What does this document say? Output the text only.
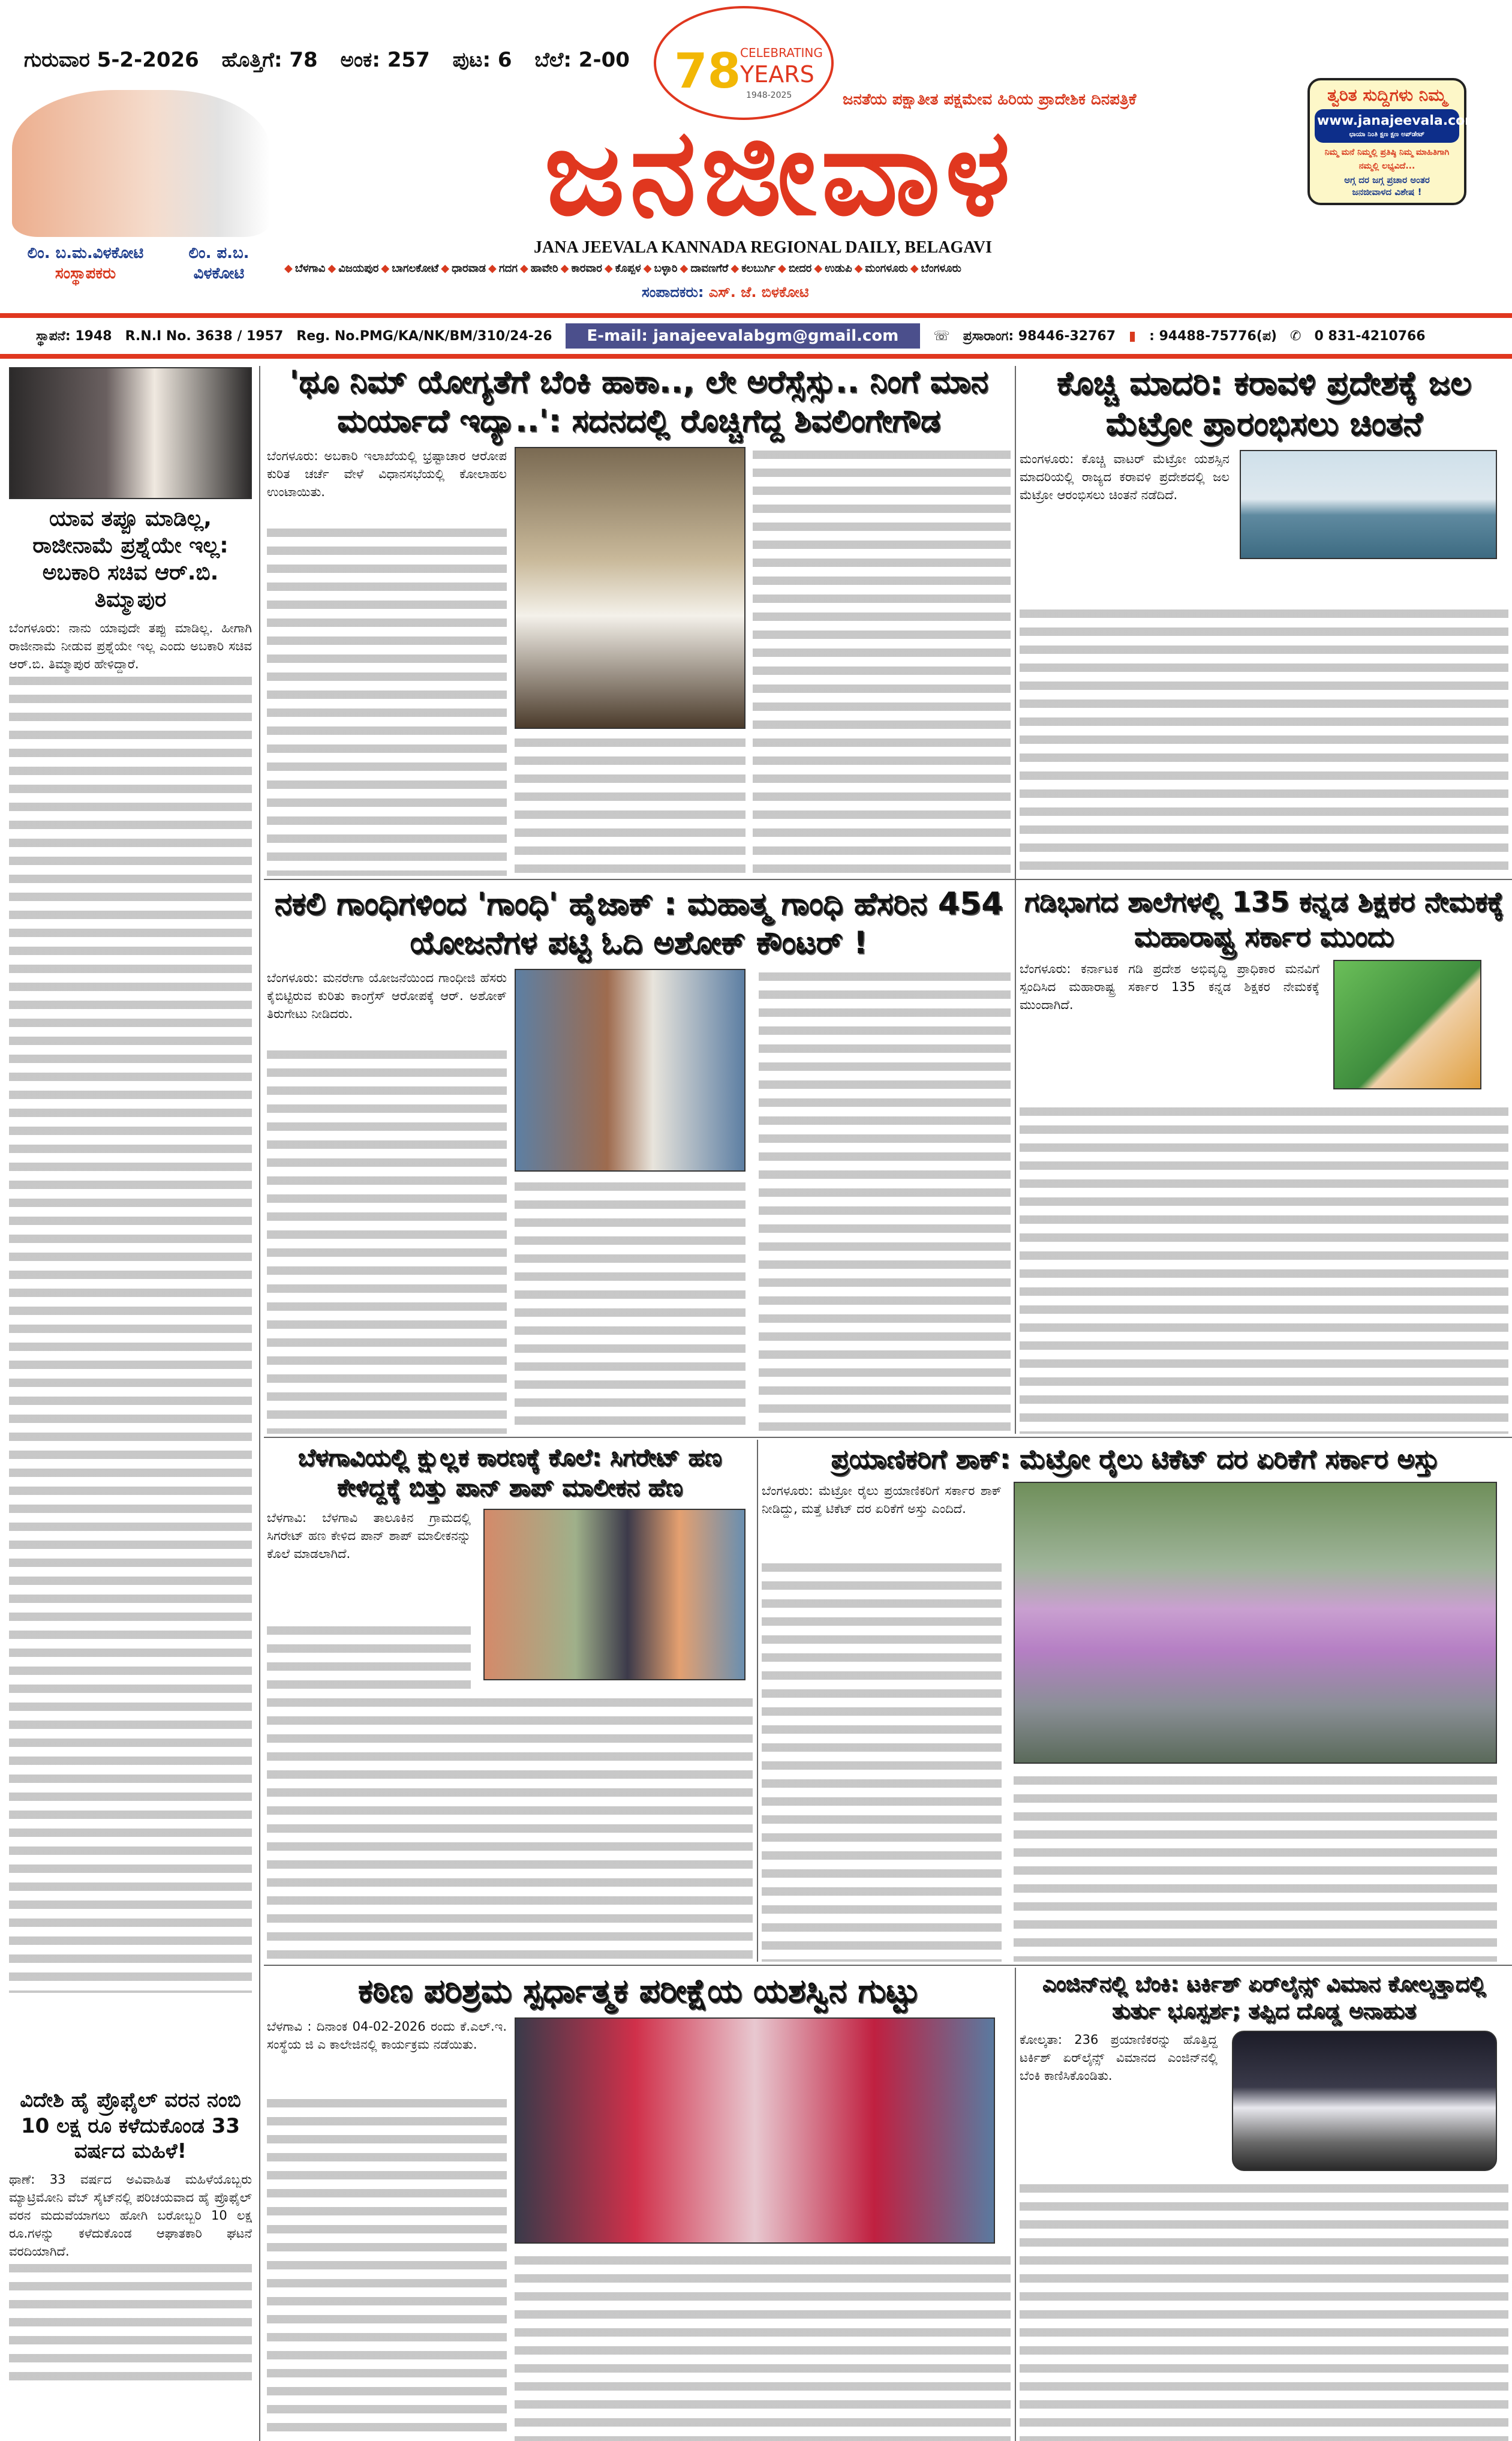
ಗುರುವಾರ 5-2-2026 ಹೊತ್ತಿಗೆ: 78 ಅಂಕ: 257 ಪುಟ: 6 ಬೆಲೆ: 2-00
ಲಿಂ. ಬ.ಮ.ವಿಳಕೋಟಿ
ಸಂಸ್ಥಾಪಕರು
ಲಿಂ. ಪ.ಬ.
ವಿಳಕೋಟಿ
78
CELEBRATING
YEARS
1948-2025	ಜನತೆಯ ಪಕ್ಷಾತೀತ ಪಕ್ಷಮೇವ ಹಿರಿಯ ಪ್ರಾದೇಶಿಕ ದಿನಪತ್ರಿಕೆ
ಜನಜೀವಾಳ
JANA JEEVALA KANNADA REGIONAL DAILY, BELAGAVI
◆ ಬೆಳಗಾವಿ ◆ ವಿಜಯಪುರ ◆ ಬಾಗಲಕೋಟೆ ◆ ಧಾರವಾಡ ◆ ಗದಗ ◆ ಹಾವೇರಿ ◆ ಕಾರವಾರ ◆ ಕೊಪ್ಪಳ ◆ ಬಳ್ಳಾರಿ ◆ ದಾವಣಗೆರೆ ◆ ಕಲಬುರ್ಗಿ ◆ ಬೀದರ ◆ ಉಡುಪಿ ◆ ಮಂಗಳೂರು ◆ ಬೆಂಗಳೂರು
ಸಂಪಾದಕರು: ಎಸ್. ಜೆ. ಬಿಳಕೋಟಿ
ತ್ವರಿತ ಸುದ್ದಿಗಳು ನಿಮ್ಮ
www.janajeevala.com
ಛಾಯಾ ನಿಂತಿ ಕ್ಷಣ ಕ್ಷಣ ಅಪ್‌ಡೇಟ್
ನಿಮ್ಮ ಮನೆ ನಿಮ್ಮಲ್ಲಿ ಪ್ರತಿಷ್ಠಿ ನಿಮ್ಮ ಮಾಹಿತಿಗಾಗಿ
ನಮ್ಮಲ್ಲಿ ಲಭ್ಯವಿದೆ...
ಅಗ್ಗ ದರ ಜಗ್ಗ ಪ್ರಚಾರ ಅಂತರ
ಜನಜೀವಾಳದ ವಿಶೇಷ !
ಸ್ಥಾಪನೆ: 1948 R.N.I No. 3638 / 1957 Reg. No.PMG/KA/NK/BM/310/24-26	E-mail: janajeevalabgm@gmail.com	☏ ಪ್ರಸಾರಾಂಗ: 98446-32767 ▮ : 94488-75776(ಪ) ✆ 0 831-4210766
ಯಾವ ತಪ್ಪೂ ಮಾಡಿಲ್ಲ, ರಾಜೀನಾಮೆ ಪ್ರಶ್ನೆಯೇ ಇಲ್ಲ: ಅಬಕಾರಿ ಸಚಿವ ಆರ್.ಬಿ. ತಿಮ್ಮಾಪುರ
ಬೆಂಗಳೂರು: ನಾನು ಯಾವುದೇ ತಪ್ಪು ಮಾಡಿಲ್ಲ. ಹೀಗಾಗಿ ರಾಜೀನಾಮೆ ನೀಡುವ ಪ್ರಶ್ನೆಯೇ ಇಲ್ಲ ಎಂದು ಅಬಕಾರಿ ಸಚಿವ ಆರ್.ಬಿ. ತಿಮ್ಮಾಪುರ ಹೇಳಿದ್ದಾರೆ.
ವಿದೇಶಿ ಹೈ ಪ್ರೊಫೈಲ್ ವರನ ನಂಬಿ 10 ಲಕ್ಷ ರೂ ಕಳೆದುಕೊಂಡ 33 ವರ್ಷದ ಮಹಿಳೆ!
ಥಾಣೆ: 33 ವರ್ಷದ ಅವಿವಾಹಿತ ಮಹಿಳೆಯೊಬ್ಬರು ಮ್ಯಾಟ್ರಿಮೋನಿ ವೆಬ್ ಸೈಟ್‌ನಲ್ಲಿ ಪರಿಚಯವಾದ ಹೈ ಪ್ರೊಫೈಲ್ ವರನ ಮದುವೆಯಾಗಲು ಹೋಗಿ ಬರೋಬ್ಬರಿ 10 ಲಕ್ಷ ರೂ.ಗಳನ್ನು ಕಳೆದುಕೊಂಡ ಆಘಾತಕಾರಿ ಘಟನೆ ವರದಿಯಾಗಿದೆ.
'ಥೂ ನಿಮ್ ಯೋಗ್ಯತೆಗೆ ಬೆಂಕಿ ಹಾಕಾ.., ಲೇ ಅರೆಸ್ಸೆಸ್ಸು.. ನಿಂಗೆ ಮಾನ ಮರ್ಯಾದೆ ಇದ್ಯಾ..': ಸದನದಲ್ಲಿ ರೊಚ್ಚಿಗೆದ್ದ ಶಿವಲಿಂಗೇಗೌಡ
ಬೆಂಗಳೂರು: ಅಬಕಾರಿ ಇಲಾಖೆಯಲ್ಲಿ ಭ್ರಷ್ಟಾಚಾರ ಆರೋಪ ಕುರಿತ ಚರ್ಚೆ ವೇಳೆ ವಿಧಾನಸಭೆಯಲ್ಲಿ ಕೋಲಾಹಲ ಉಂಟಾಯಿತು.
ಕೊಚ್ಚಿ ಮಾದರಿ: ಕರಾವಳಿ ಪ್ರದೇಶಕ್ಕೆ ಜಲ ಮೆಟ್ರೋ ಪ್ರಾರಂಭಿಸಲು ಚಿಂತನೆ
ಮಂಗಳೂರು: ಕೊಚ್ಚಿ ವಾಟರ್ ಮೆಟ್ರೋ ಯಶಸ್ಸಿನ ಮಾದರಿಯಲ್ಲಿ ರಾಜ್ಯದ ಕರಾವಳಿ ಪ್ರದೇಶದಲ್ಲಿ ಜಲ ಮೆಟ್ರೋ ಆರಂಭಿಸಲು ಚಿಂತನೆ ನಡೆದಿದೆ.
ನಕಲಿ ಗಾಂಧಿಗಳಿಂದ 'ಗಾಂಧಿ' ಹೈಜಾಕ್ : ಮಹಾತ್ಮ ಗಾಂಧಿ ಹೆಸರಿನ 454 ಯೋಜನೆಗಳ ಪಟ್ಟಿ ಓದಿ ಅಶೋಕ್ ಕೌಂಟರ್ !
ಬೆಂಗಳೂರು: ಮನರೇಗಾ ಯೋಜನೆಯಿಂದ ಗಾಂಧೀಜಿ ಹೆಸರು ಕೈಬಿಟ್ಟಿರುವ ಕುರಿತು ಕಾಂಗ್ರೆಸ್ ಆರೋಪಕ್ಕೆ ಆರ್. ಅಶೋಕ್ ತಿರುಗೇಟು ನೀಡಿದರು.
ಗಡಿಭಾಗದ ಶಾಲೆಗಳಲ್ಲಿ 135 ಕನ್ನಡ ಶಿಕ್ಷಕರ ನೇಮಕಕ್ಕೆ ಮಹಾರಾಷ್ಟ್ರ ಸರ್ಕಾರ ಮುಂದು
ಬೆಂಗಳೂರು: ಕರ್ನಾಟಕ ಗಡಿ ಪ್ರದೇಶ ಅಭಿವೃದ್ಧಿ ಪ್ರಾಧಿಕಾರ ಮನವಿಗೆ ಸ್ಪಂದಿಸಿದ ಮಹಾರಾಷ್ಟ್ರ ಸರ್ಕಾರ 135 ಕನ್ನಡ ಶಿಕ್ಷಕರ ನೇಮಕಕ್ಕೆ ಮುಂದಾಗಿದೆ.
ಬೆಳಗಾವಿಯಲ್ಲಿ ಕ್ಷುಲ್ಲಕ ಕಾರಣಕ್ಕೆ ಕೊಲೆ: ಸಿಗರೇಟ್ ಹಣ ಕೇಳಿದ್ದಕ್ಕೆ ಬಿತ್ತು ಪಾನ್ ಶಾಪ್ ಮಾಲೀಕನ ಹೆಣ
ಬೆಳಗಾವಿ: ಬೆಳಗಾವಿ ತಾಲೂಕಿನ ಗ್ರಾಮದಲ್ಲಿ ಸಿಗರೇಟ್ ಹಣ ಕೇಳಿದ ಪಾನ್ ಶಾಪ್ ಮಾಲೀಕನನ್ನು ಕೊಲೆ ಮಾಡಲಾಗಿದೆ.
ಪ್ರಯಾಣಿಕರಿಗೆ ಶಾಕ್: ಮೆಟ್ರೋ ರೈಲು ಟಿಕೆಟ್ ದರ ಏರಿಕೆಗೆ ಸರ್ಕಾರ ಅಸ್ತು
ಬೆಂಗಳೂರು: ಮೆಟ್ರೋ ರೈಲು ಪ್ರಯಾಣಿಕರಿಗೆ ಸರ್ಕಾರ ಶಾಕ್ ನೀಡಿದ್ದು, ಮತ್ತೆ ಟಿಕೆಟ್ ದರ ಏರಿಕೆಗೆ ಅಸ್ತು ಎಂದಿದೆ.
ಕಠಿಣ ಪರಿಶ್ರಮ ಸ್ಪರ್ಧಾತ್ಮಕ ಪರೀಕ್ಷೆಯ ಯಶಸ್ವಿನ ಗುಟ್ಟು
ಬೆಳಗಾವಿ : ದಿನಾಂಕ 04-02-2026 ರಂದು ಕೆ.ಎಲ್.ಇ. ಸಂಸ್ಥೆಯ ಜಿ ಎ ಕಾಲೇಜಿನಲ್ಲಿ ಕಾರ್ಯಕ್ರಮ ನಡೆಯಿತು.
ಎಂಜಿನ್‌ನಲ್ಲಿ ಬೆಂಕಿ: ಟರ್ಕಿಶ್ ಏರ್‌ಲೈನ್ಸ್ ವಿಮಾನ ಕೋಲ್ಕತ್ತಾದಲ್ಲಿ ತುರ್ತು ಭೂಸ್ಪರ್ಶ; ತಪ್ಪಿದ ದೊಡ್ಡ ಅನಾಹುತ
ಕೋಲ್ಕತಾ: 236 ಪ್ರಯಾಣಿಕರನ್ನು ಹೊತ್ತಿದ್ದ ಟರ್ಕಿಶ್ ಏರ್‌ಲೈನ್ಸ್ ವಿಮಾನದ ಎಂಜಿನ್‌ನಲ್ಲಿ ಬೆಂಕಿ ಕಾಣಿಸಿಕೊಂಡಿತು.
